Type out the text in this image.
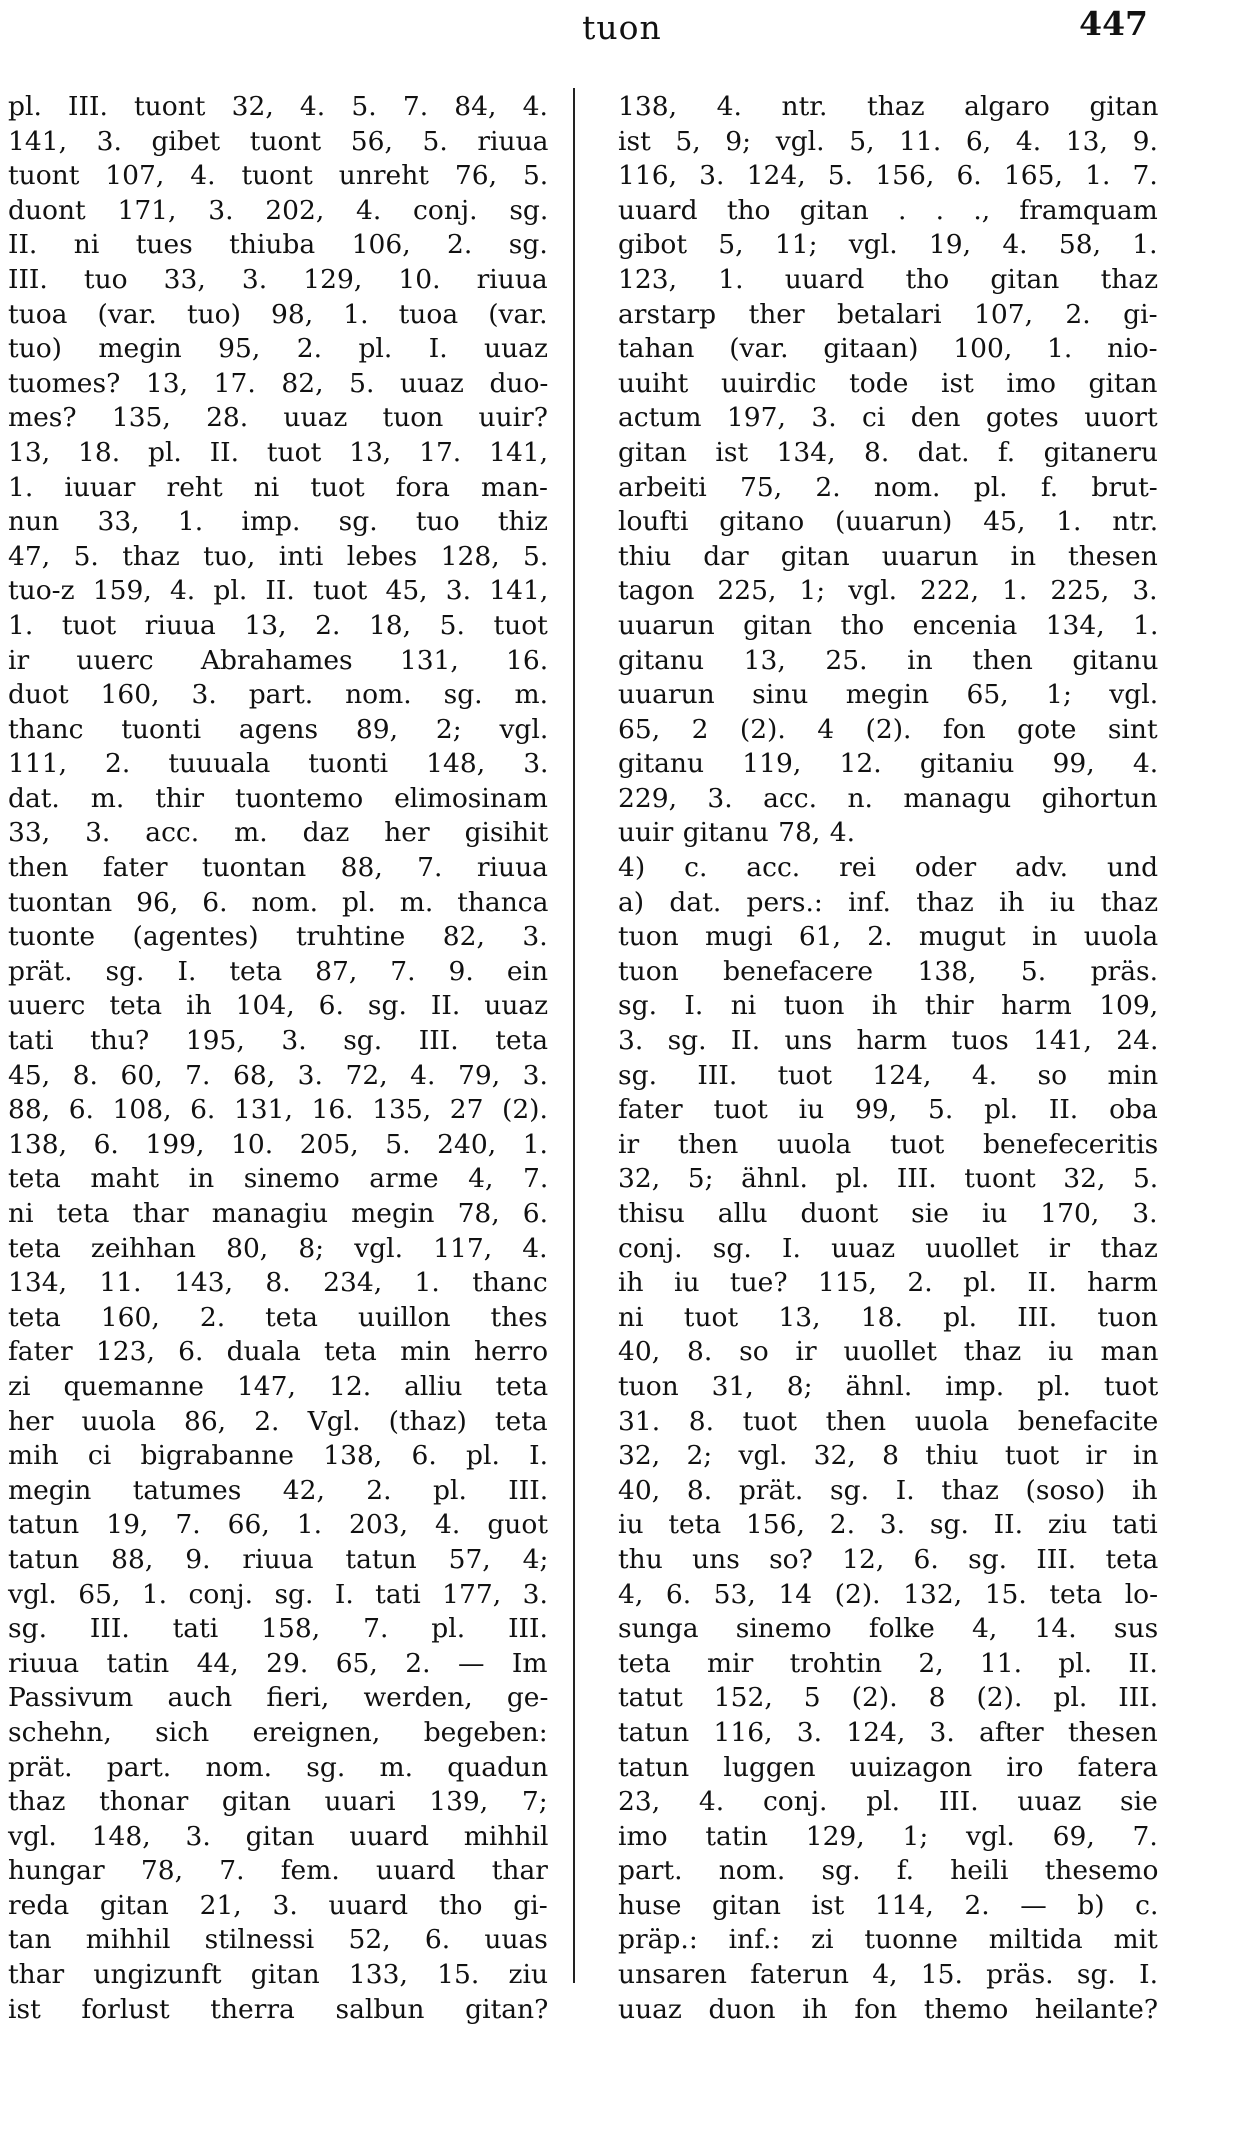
tuon	447
pl. III. tuont 32, 4. 5. 7. 84, 4.
141, 3. gibet tuont 56, 5. riuua
tuont 107, 4. tuont unreht 76, 5.
duont 171, 3. 202, 4. conj. sg.
II. ni tues thiuba 106, 2. sg.
III. tuo 33, 3. 129, 10. riuua
tuoa (var. tuo) 98, 1. tuoa (var.
tuo) megin 95, 2. pl. I. uuaz
tuomes? 13, 17. 82, 5. uuaz duo-
mes? 135, 28. uuaz tuon uuir?
13, 18. pl. II. tuot 13, 17. 141,
1. iuuar reht ni tuot fora man-
nun 33, 1. imp. sg. tuo thiz
47, 5. thaz tuo, inti lebes 128, 5.
tuo-z 159, 4. pl. II. tuot 45, 3. 141,
1. tuot riuua 13, 2. 18, 5. tuot
ir uuerc Abrahames 131, 16.
duot 160, 3. part. nom. sg. m.
thanc tuonti agens 89, 2; vgl.
111, 2. tuuuala tuonti 148, 3.
dat. m. thir tuontemo elimosinam
33, 3. acc. m. daz her gisihit
then fater tuontan 88, 7. riuua
tuontan 96, 6. nom. pl. m. thanca
tuonte (agentes) truhtine 82, 3.
prät. sg. I. teta 87, 7. 9. ein
uuerc teta ih 104, 6. sg. II. uuaz
tati thu? 195, 3. sg. III. teta
45, 8. 60, 7. 68, 3. 72, 4. 79, 3.
88, 6. 108, 6. 131, 16. 135, 27 (2).
138, 6. 199, 10. 205, 5. 240, 1.
teta maht in sinemo arme 4, 7.
ni teta thar managiu megin 78, 6.
teta zeihhan 80, 8; vgl. 117, 4.
134, 11. 143, 8. 234, 1. thanc
teta 160, 2. teta uuillon thes
fater 123, 6. duala teta min herro
zi quemanne 147, 12. alliu teta
her uuola 86, 2. Vgl. (thaz) teta
mih ci bigrabanne 138, 6. pl. I.
megin tatumes 42, 2. pl. III.
tatun 19, 7. 66, 1. 203, 4. guot
tatun 88, 9. riuua tatun 57, 4;
vgl. 65, 1. conj. sg. I. tati 177, 3.
sg. III. tati 158, 7. pl. III.
riuua tatin 44, 29. 65, 2. — Im
Passivum auch fieri, werden, ge-
schehn, sich ereignen, begeben:
prät. part. nom. sg. m. quadun
thaz thonar gitan uuari 139, 7;
vgl. 148, 3. gitan uuard mihhil
hungar 78, 7. fem. uuard thar
reda gitan 21, 3. uuard tho gi-
tan mihhil stilnessi 52, 6. uuas
thar ungizunft gitan 133, 15. ziu
ist forlust therra salbun gitan?
138, 4. ntr. thaz algaro gitan
ist 5, 9; vgl. 5, 11. 6, 4. 13, 9.
116, 3. 124, 5. 156, 6. 165, 1. 7.
uuard tho gitan . . ., framquam
gibot 5, 11; vgl. 19, 4. 58, 1.
123, 1. uuard tho gitan thaz
arstarp ther betalari 107, 2. gi-
tahan (var. gitaan) 100, 1. nio-
uuiht uuirdic tode ist imo gitan
actum 197, 3. ci den gotes uuort
gitan ist 134, 8. dat. f. gitaneru
arbeiti 75, 2. nom. pl. f. brut-
loufti gitano (uuarun) 45, 1. ntr.
thiu dar gitan uuarun in thesen
tagon 225, 1; vgl. 222, 1. 225, 3.
uuarun gitan tho encenia 134, 1.
gitanu 13, 25. in then gitanu
uuarun sinu megin 65, 1; vgl.
65, 2 (2). 4 (2). fon gote sint
gitanu 119, 12. gitaniu 99, 4.
229, 3. acc. n. managu gihortun
uuir gitanu 78, 4.
4) c. acc. rei oder adv. und
a) dat. pers.: inf. thaz ih iu thaz
tuon mugi 61, 2. mugut in uuola
tuon benefacere 138, 5. präs.
sg. I. ni tuon ih thir harm 109,
3. sg. II. uns harm tuos 141, 24.
sg. III. tuot 124, 4. so min
fater tuot iu 99, 5. pl. II. oba
ir then uuola tuot benefeceritis
32, 5; ähnl. pl. III. tuont 32, 5.
thisu allu duont sie iu 170, 3.
conj. sg. I. uuaz uuollet ir thaz
ih iu tue? 115, 2. pl. II. harm
ni tuot 13, 18. pl. III. tuon
40, 8. so ir uuollet thaz iu man
tuon 31, 8; ähnl. imp. pl. tuot
31. 8. tuot then uuola benefacite
32, 2; vgl. 32, 8 thiu tuot ir in
40, 8. prät. sg. I. thaz (soso) ih
iu teta 156, 2. 3. sg. II. ziu tati
thu uns so? 12, 6. sg. III. teta
4, 6. 53, 14 (2). 132, 15. teta lo-
sunga sinemo folke 4, 14. sus
teta mir trohtin 2, 11. pl. II.
tatut 152, 5 (2). 8 (2). pl. III.
tatun 116, 3. 124, 3. after thesen
tatun luggen uuizagon iro fatera
23, 4. conj. pl. III. uuaz sie
imo tatin 129, 1; vgl. 69, 7.
part. nom. sg. f. heili thesemo
huse gitan ist 114, 2. — b) c.
präp.: inf.: zi tuonne miltida mit
unsaren faterun 4, 15. präs. sg. I.
uuaz duon ih fon themo heilante?
